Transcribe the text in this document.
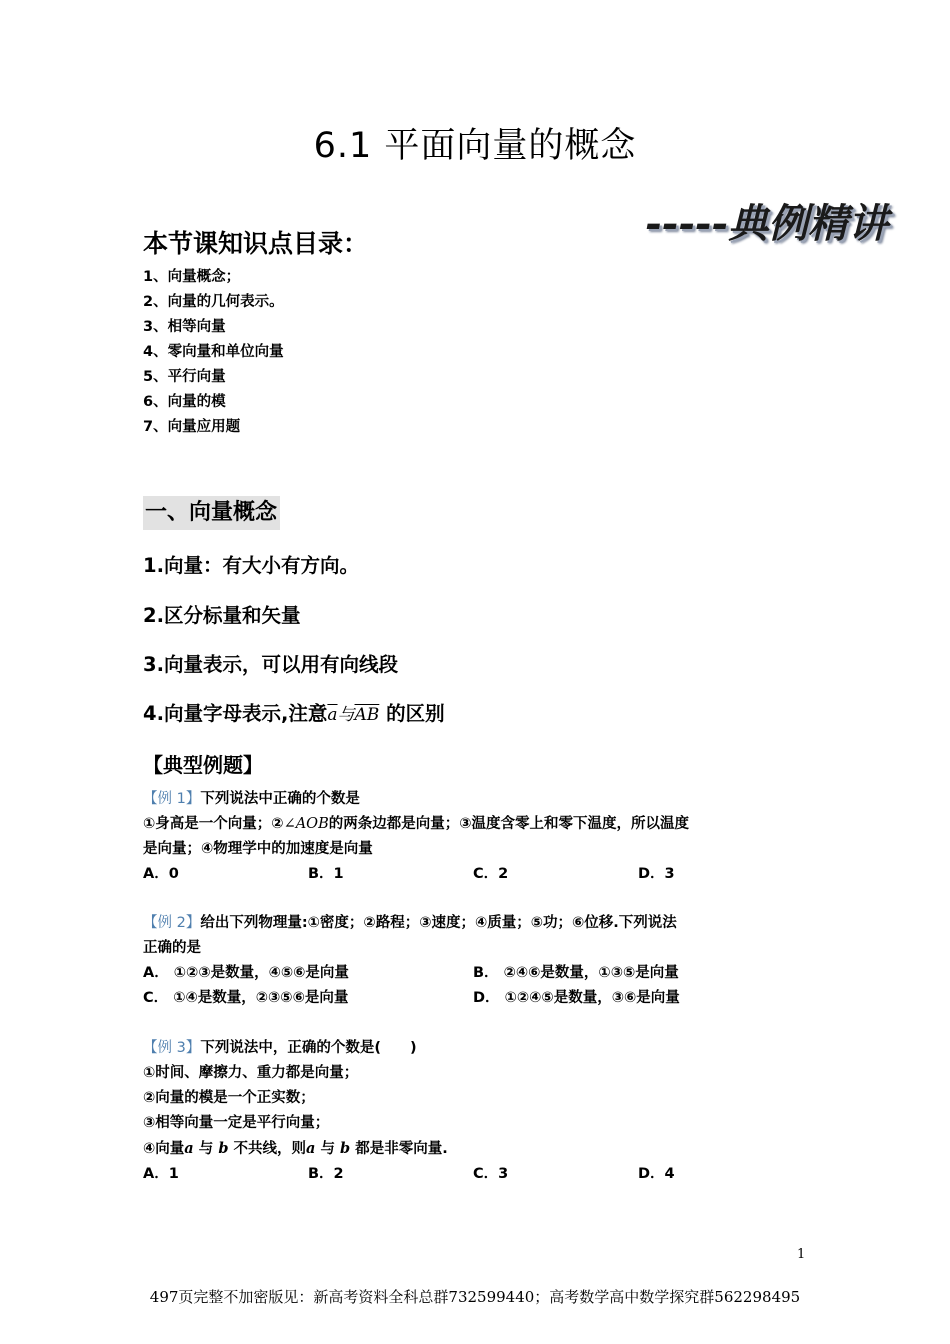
6.1 平面向量的概念
-----典例精讲
本节课知识点目录：
1、向量概念；
2、向量的几何表示。
3、相等向量
4、零向量和单位向量
5、平行向量
6、向量的模
7、向量应用题
一、向量概念
1.向量：有大小有方向。
2.区分标量和矢量
3.向量表示，可以用有向线段
4.向量字母表示,注意$\overline{a}$与$\overline{AB}$ 的区别
【典型例题】
【例 1】下列说法中正确的个数是
①身高是一个向量；②∠AOB的两条边都是向量；③温度含零上和零下温度，所以温度
是向量；④物理学中的加速度是向量
A．0	B．1	C．2	D．3
【例 2】给出下列物理量:①密度；②路程；③速度；④质量；⑤功；⑥位移.下列说法
正确的是
A． ①②③是数量，④⑤⑥是向量	B． ②④⑥是数量，①③⑤是向量
C． ①④是数量，②③⑤⑥是向量	D． ①②④⑤是数量，③⑥是向量
【例 3】下列说法中，正确的个数是(　　)
①时间、摩擦力、重力都是向量；
②向量的模是一个正实数；
③相等向量一定是平行向量；
④向量a 与 b 不共线，则a 与 b 都是非零向量.
A．1	B．2	C．3	D．4
1
497页完整不加密版见：新高考资料全科总群732599440；高考数学高中数学探究群562298495
